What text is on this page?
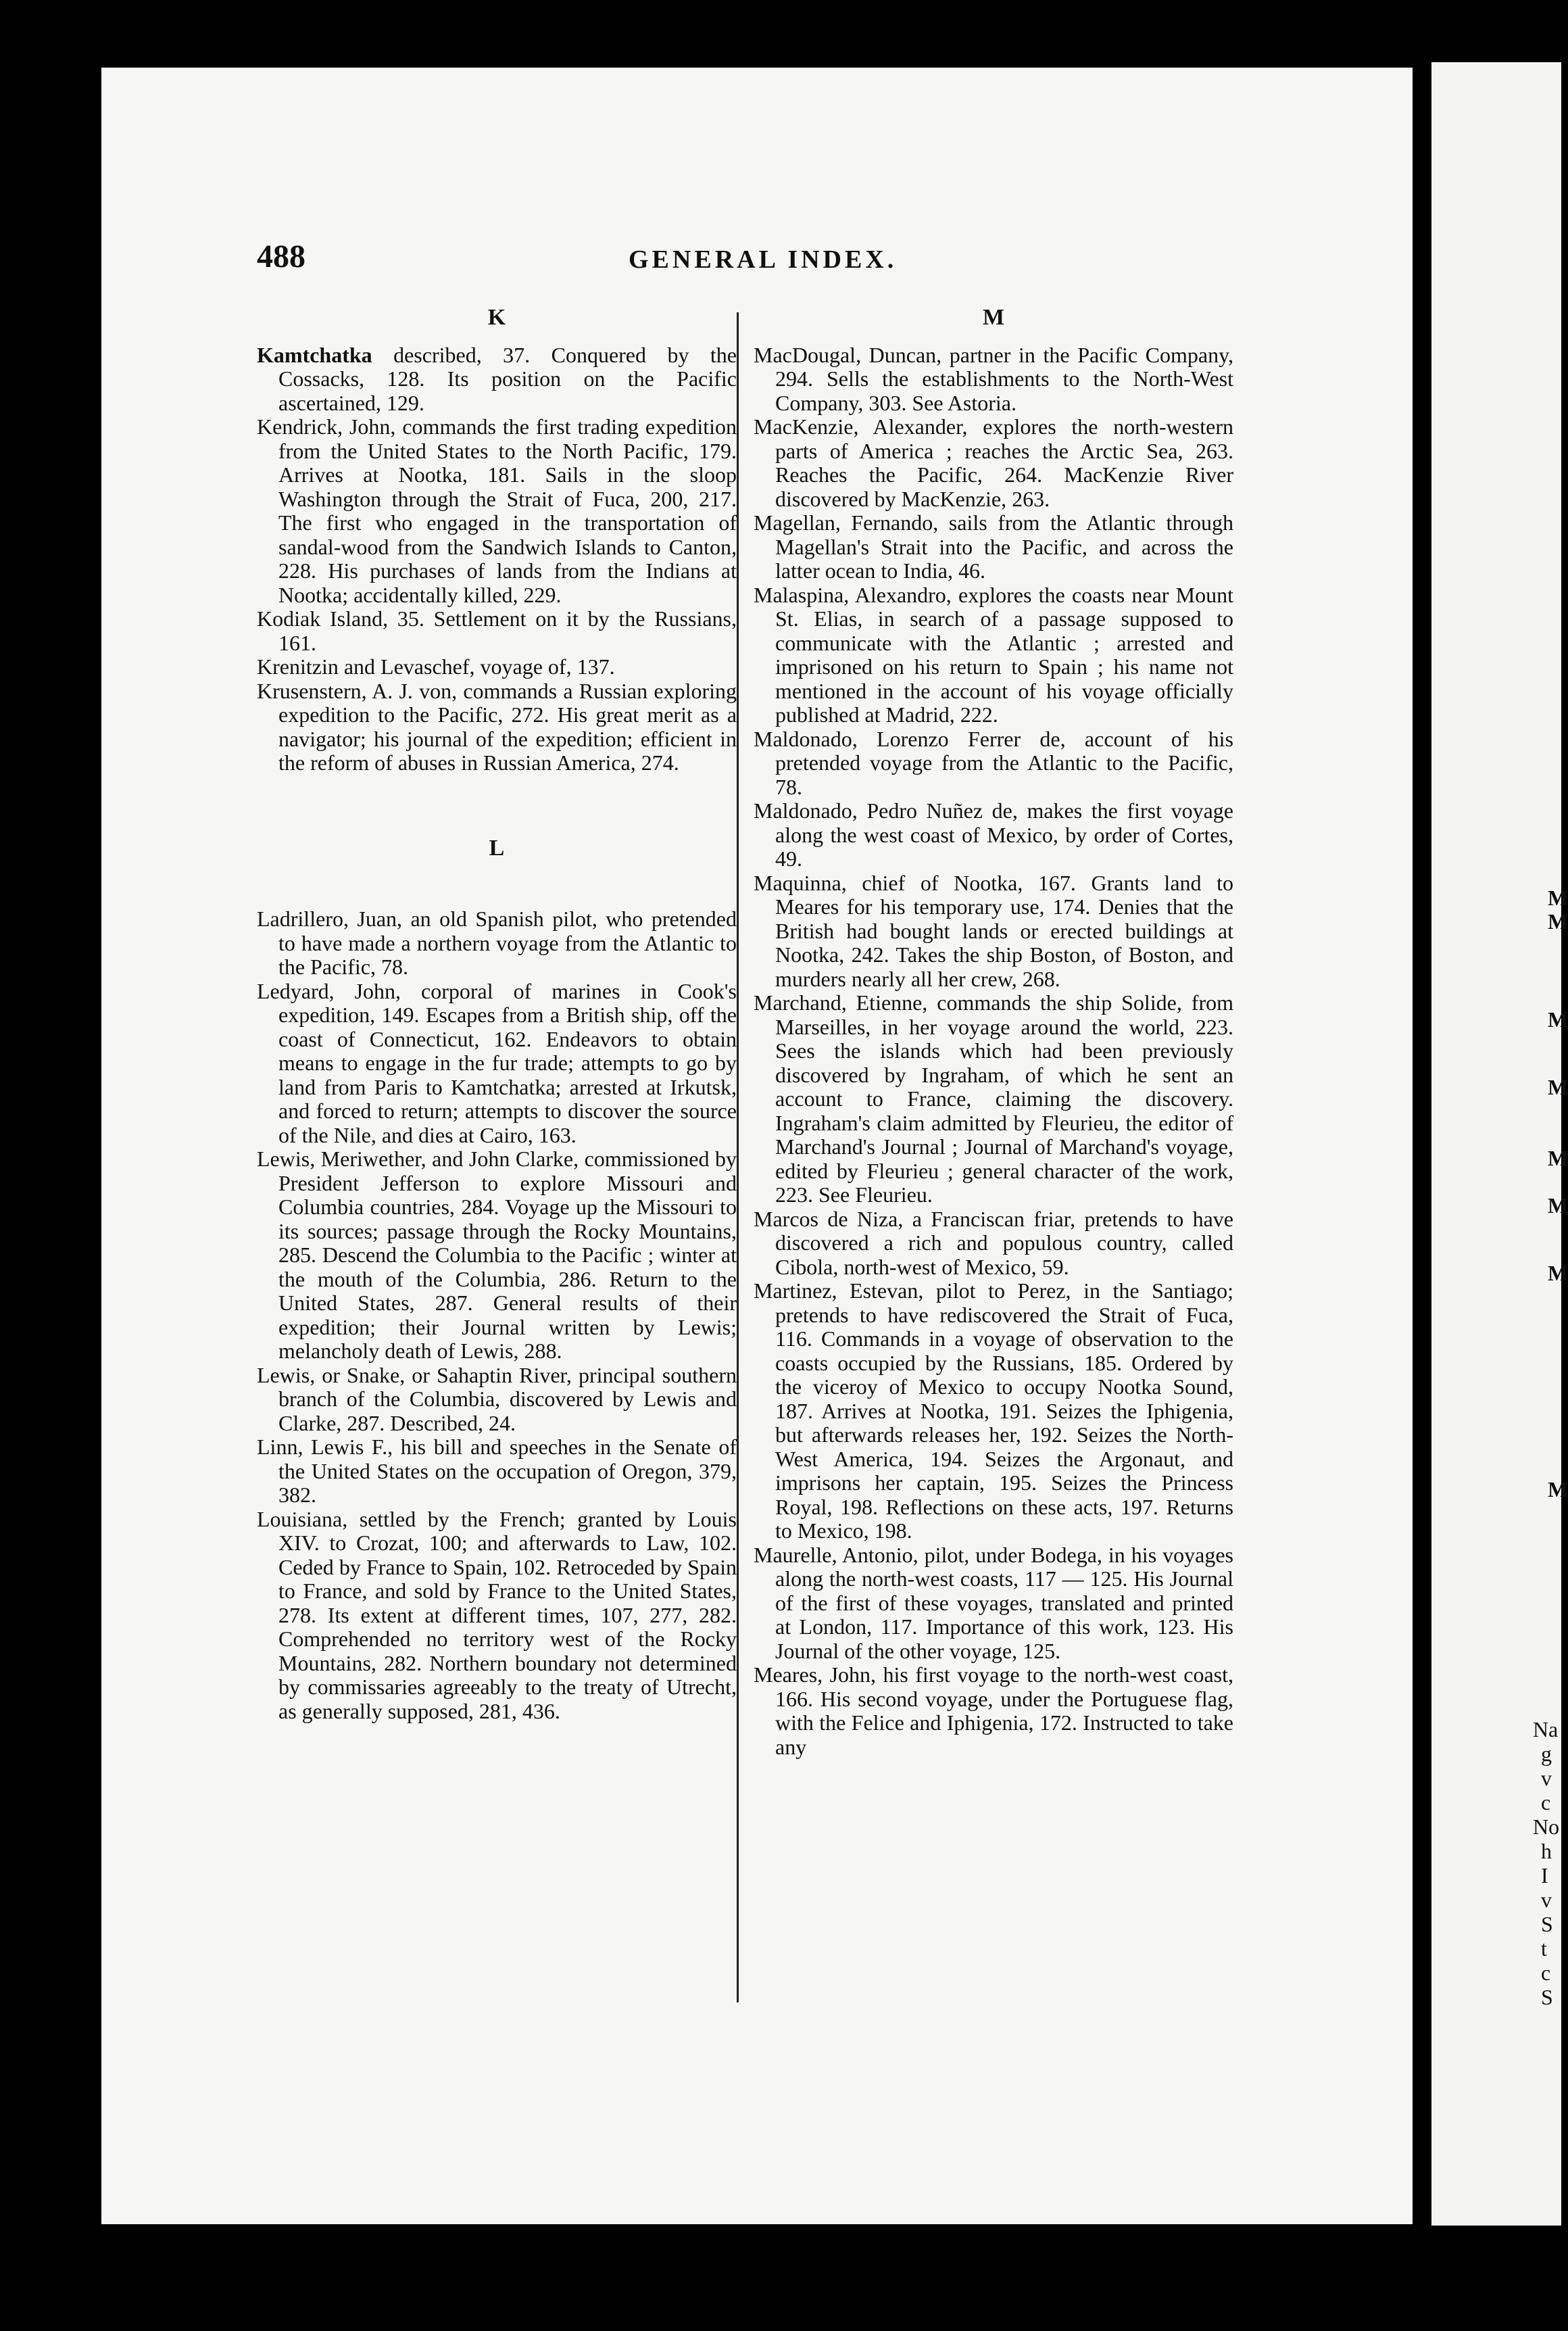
488	GENERAL INDEX.
K

Kamtchatka described, 37. Conquered by the Cossacks, 128. Its position on the Pacific ascertained, 129.

Kendrick, John, commands the first trading expedition from the United States to the North Pacific, 179. Arrives at Nootka, 181. Sails in the sloop Washington through the Strait of Fuca, 200, 217. The first who engaged in the transportation of sandal-wood from the Sandwich Islands to Canton, 228. His purchases of lands from the Indians at Nootka; accidentally killed, 229.

Kodiak Island, 35. Settlement on it by the Russians, 161.

Krenitzin and Levaschef, voyage of, 137.

Krusenstern, A. J. von, commands a Russian exploring expedition to the Pacific, 272. His great merit as a navigator; his journal of the expedition; efficient in the reform of abuses in Russian America, 274.

L

Ladrillero, Juan, an old Spanish pilot, who pretended to have made a northern voyage from the Atlantic to the Pacific, 78.

Ledyard, John, corporal of marines in Cook's expedition, 149. Escapes from a British ship, off the coast of Connecticut, 162. Endeavors to obtain means to engage in the fur trade; attempts to go by land from Paris to Kamtchatka; arrested at Irkutsk, and forced to return; attempts to discover the source of the Nile, and dies at Cairo, 163.

Lewis, Meriwether, and John Clarke, commissioned by President Jefferson to explore Missouri and Columbia countries, 284. Voyage up the Missouri to its sources; passage through the Rocky Mountains, 285. Descend the Columbia to the Pacific ; winter at the mouth of the Columbia, 286. Return to the United States, 287. General results of their expedition; their Journal written by Lewis; melancholy death of Lewis, 288.

Lewis, or Snake, or Sahaptin River, principal southern branch of the Columbia, discovered by Lewis and Clarke, 287. Described, 24.

Linn, Lewis F., his bill and speeches in the Senate of the United States on the occupation of Oregon, 379, 382.

Louisiana, settled by the French; granted by Louis XIV. to Crozat, 100; and afterwards to Law, 102. Ceded by France to Spain, 102. Retroceded by Spain to France, and sold by France to the United States, 278. Its extent at different times, 107, 277, 282. Comprehended no territory west of the Rocky Mountains, 282. Northern boundary not determined by commissaries agreeably to the treaty of Utrecht, as generally supposed, 281, 436.

M

MacDougal, Duncan, partner in the Pacific Company, 294. Sells the establishments to the North-West Company, 303. See Astoria.

MacKenzie, Alexander, explores the north-western parts of America ; reaches the Arctic Sea, 263. Reaches the Pacific, 264. MacKenzie River discovered by MacKenzie, 263.

Magellan, Fernando, sails from the Atlantic through Magellan's Strait into the Pacific, and across the latter ocean to India, 46.

Malaspina, Alexandro, explores the coasts near Mount St. Elias, in search of a passage supposed to communicate with the Atlantic ; arrested and imprisoned on his return to Spain ; his name not mentioned in the account of his voyage officially published at Madrid, 222.

Maldonado, Lorenzo Ferrer de, account of his pretended voyage from the Atlantic to the Pacific, 78.

Maldonado, Pedro Nuñez de, makes the first voyage along the west coast of Mexico, by order of Cortes, 49.

Maquinna, chief of Nootka, 167. Grants land to Meares for his temporary use, 174. Denies that the British had bought lands or erected buildings at Nootka, 242. Takes the ship Boston, of Boston, and murders nearly all her crew, 268.

Marchand, Etienne, commands the ship Solide, from Marseilles, in her voyage around the world, 223. Sees the islands which had been previously discovered by Ingraham, of which he sent an account to France, claiming the discovery. Ingraham's claim admitted by Fleurieu, the editor of Marchand's Journal ; Journal of Marchand's voyage, edited by Fleurieu ; general character of the work, 223. See Fleurieu.

Marcos de Niza, a Franciscan friar, pretends to have discovered a rich and populous country, called Cibola, north-west of Mexico, 59.

Martinez, Estevan, pilot to Perez, in the Santiago; pretends to have rediscovered the Strait of Fuca, 116. Commands in a voyage of observation to the coasts occupied by the Russians, 185. Ordered by the viceroy of Mexico to occupy Nootka Sound, 187. Arrives at Nootka, 191. Seizes the Iphigenia, but afterwards releases her, 192. Seizes the North-West America, 194. Seizes the Argonaut, and imprisons her captain, 195. Seizes the Princess Royal, 198. Reflections on these acts, 197. Returns to Mexico, 198.

Maurelle, Antonio, pilot, under Bodega, in his voyages along the north-west coasts, 117 — 125. His Journal of the first of these voyages, translated and printed at London, 117. Importance of this work, 123. His Journal of the other voyage, 125.

Meares, John, his first voyage to the north-west coast, 166. His second voyage, under the Portuguese flag, with the Felice and Iphigenia, 172. Instructed to take any

M
M
M
M
M
M
M
M
Na
g
v
c
No
h
I
v
S
t
c
S
